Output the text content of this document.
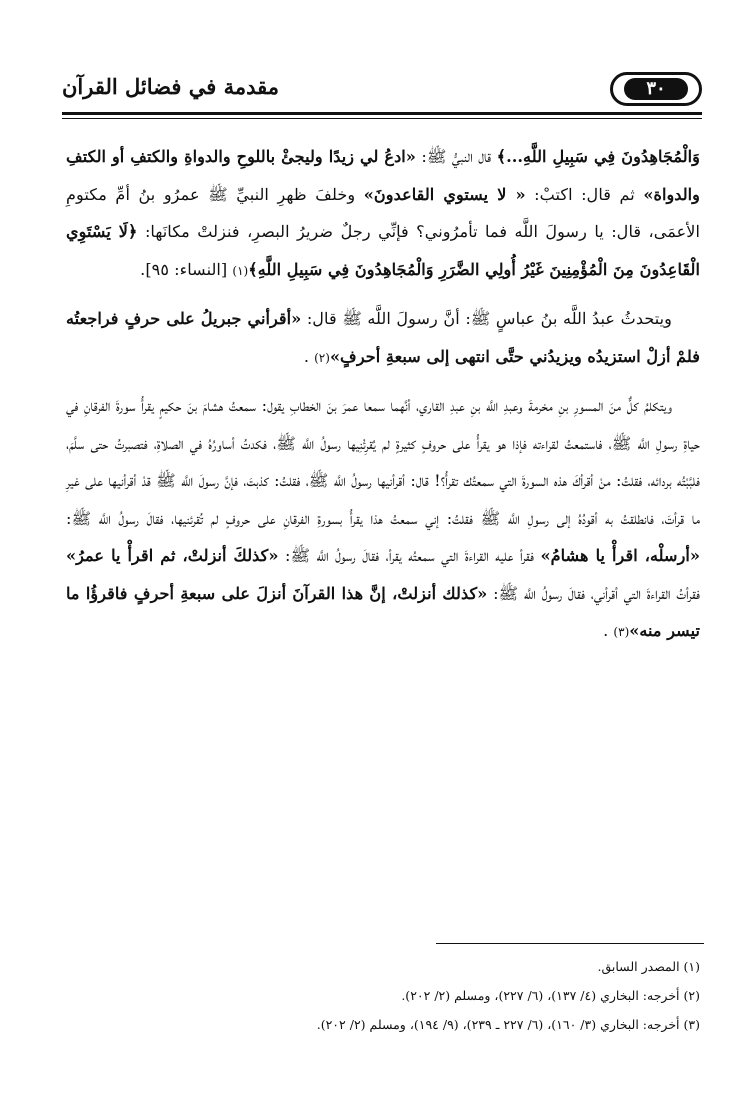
مقدمة في فضائل القرآن	٣٠

وَالْمُجَاهِدُونَ فِي سَبِيلِ اللَّهِ...﴾ قال النبيُّ ﷺ: «ادعُ لي زيدًا وليجئْ باللوحِ والدواةِ والكتفِ أو الكتفِ والدواة» ثم قال: اكتبْ: « لا يستوي القاعدونَ» وخلفَ ظهرِ النبيِّ ﷺ عمرُو بنُ أمِّ مكتومِ الأعمَى، قال: يا رسولَ اللَّه فما تأمرُوني؟ فإنِّي رجلٌ ضريرُ البصرِ، فنزلتْ مكانَها: ﴿لَا يَسْتَوِي الْقَاعِدُونَ مِنَ الْمُؤْمِنِينَ غَيْرُ أُولِي الضَّرَرِ وَالْمُجَاهِدُونَ فِي سَبِيلِ اللَّهِ﴾(١) [النساء: ٩٥].

ويتحدثُ عبدُ اللَّه بنُ عباسٍ ﷺ: أنَّ رسولَ اللَّه ﷺ قال: «أقرأني جبريلُ على حرفٍ فراجعتُه فلمْ أزلْ استزيدُه ويزيدُني حتَّى انتهى إلى سبعةِ أحرفٍ»(٢) .

ويتكلمُ كلٌّ منَ المسورِ بنِ مخرمةَ وعبدِ اللَّه بنِ عبدِ القاري، أنَّهما سمعا عمرَ بنَ الخطابِ يقول: سمعتُ هشامَ بنَ حكيمٍ يقرأُ سورةَ الفرقانِ في حياةِ رسولِ اللَّه ﷺ، فاستمعتُ لقراءته فإذا هو يقرأُ على حروفٍ كثيرةٍ لم يُقرِئْنِيها رسولُ اللَّه ﷺ، فكدتُ أساورُهُ في الصلاةِ، فتصبرتُ حتى سلَّمَ، فلبَّبْتُه بردائه، فقلتُ: منْ أقرأكَ هذه السورةَ التي سمعتُك تقرأُ؟! قال: أقرأنيها رسولُ اللَّه ﷺ، فقلتُ: كذبتَ، فإنَّ رسولَ اللَّه ﷺ قدْ أقرأنيها على غيرِ ما قرأتَ، فانطلقتُ به أقودُهُ إلى رسولِ اللَّه ﷺ فقلتُ: إني سمعتُ هذا يقرأُ بسورةِ الفرقانِ على حروفٍ لم تُقرئنيها، فقالَ رسولُ اللَّه ﷺ: «أرسلْه، اقرأْ يا هشامُ» فقرأ عليه القراءةَ التي سمعتُه يقرأ، فقالَ رسولُ اللَّه ﷺ: «كذلكَ أنزلتْ، ثم اقرأْ يا عمرُ» فقرأتُ القراءةَ التي أقرأني، فقالَ رسولُ اللَّه ﷺ: «كذلك أنزلتْ، إنَّ هذا القرآنَ أنزلَ على سبعةِ أحرفٍ فاقرؤُا ما تيسر منه»(٣) .

(١) المصدر السابق.
(٢) أخرجه: البخاري (٤/ ١٣٧)، (٦/ ٢٢٧)، ومسلم (٢/ ٢٠٢).
(٣) أخرجه: البخاري (٣/ ١٦٠)، (٦/ ٢٢٧ ـ ٢٣٩)، (٩/ ١٩٤)، ومسلم (٢/ ٢٠٢).
